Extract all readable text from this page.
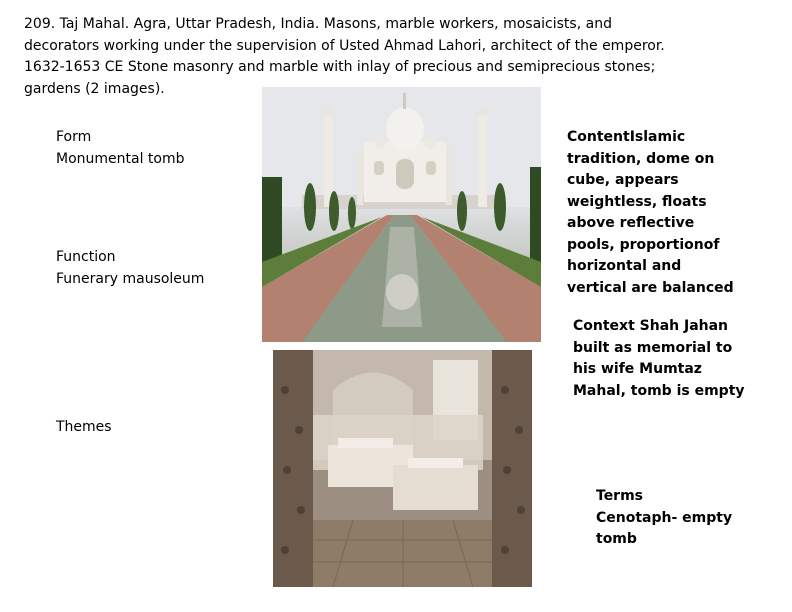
209. Taj Mahal. Agra, Uttar Pradesh, India. Masons, marble workers, mosaicists, and
decorators working under the supervision of Usted Ahmad Lahori, architect of the emperor.
1632-1653 CE Stone masonry and marble with inlay of precious and semiprecious stones;
gardens (2 images).
Form
Monumental tomb
Function
Funerary mausoleum
Themes
ContentIslamic
tradition, dome on
cube, appears
weightless, floats
above reflective
pools, proportionof
horizontal and
vertical are balanced
Context Shah Jahan
built as memorial to
his wife Mumtaz
Mahal, tomb is empty
Terms
Cenotaph- empty
tomb
